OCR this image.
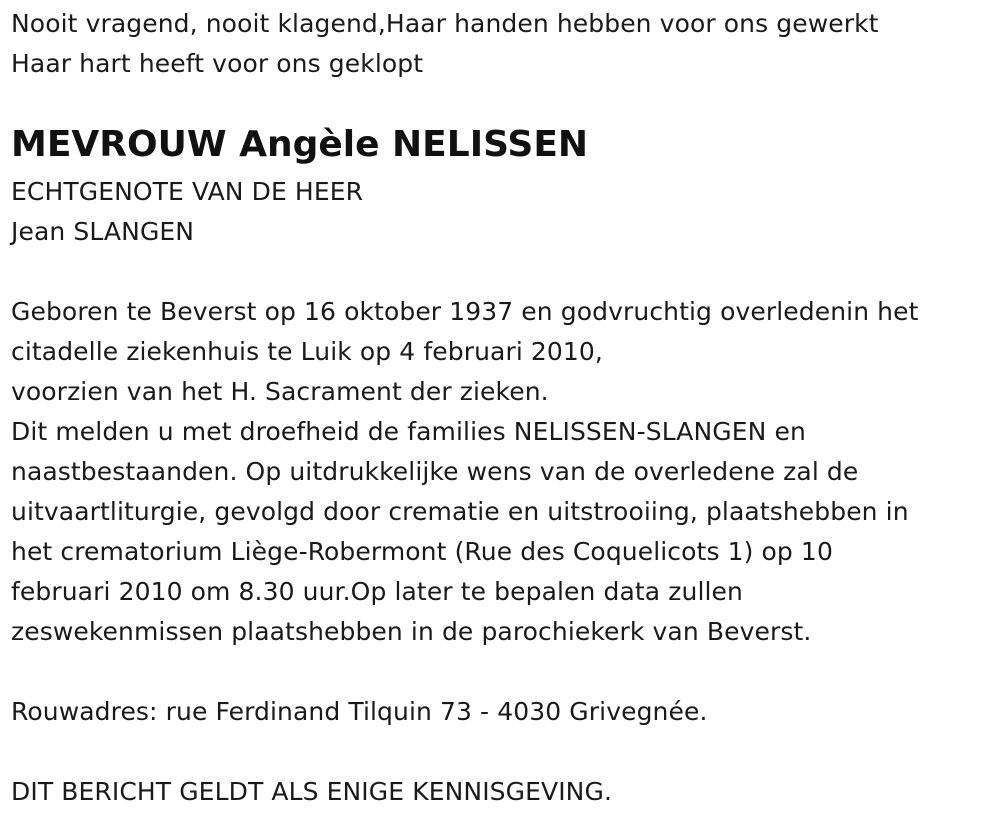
Nooit vragend, nooit klagend,Haar handen hebben voor ons gewerkt
Haar hart heeft voor ons geklopt
MEVROUW Angèle NELISSEN
ECHTGENOTE VAN DE HEER
Jean SLANGEN
Geboren te Beverst op 16 oktober 1937 en godvruchtig overledenin het
citadelle ziekenhuis te Luik op 4 februari 2010,
voorzien van het H. Sacrament der zieken.
Dit melden u met droefheid de families NELISSEN-SLANGEN en
naastbestaanden. Op uitdrukkelijke wens van de overledene zal de
uitvaartliturgie, gevolgd door crematie en uitstrooiing, plaatshebben in
het crematorium Liège-Robermont (Rue des Coquelicots 1) op 10
februari 2010 om 8.30 uur.Op later te bepalen data zullen
zeswekenmissen plaatshebben in de parochiekerk van Beverst.
Rouwadres: rue Ferdinand Tilquin 73 - 4030 Grivegnée.
DIT BERICHT GELDT ALS ENIGE KENNISGEVING.
